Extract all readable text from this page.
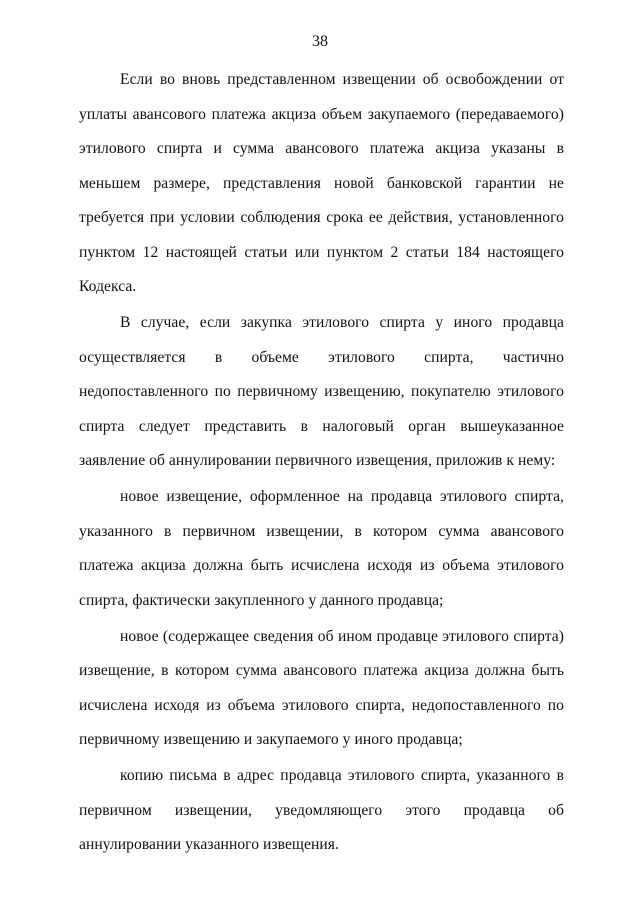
38

Если во вновь представленном извещении об освобождении от уплаты авансового платежа акциза объем закупаемого (передаваемого) этилового спирта и сумма авансового платежа акциза указаны в меньшем размере, представления новой банковской гарантии не требуется при условии соблюдения срока ее действия, установленного пунктом 12 настоящей статьи или пунктом 2 статьи 184 настоящего Кодекса.

В случае, если закупка этилового спирта у иного продавца осуществляется в объеме этилового спирта, частично недопоставленного по первичному извещению, покупателю этилового спирта следует представить в налоговый орган вышеуказанное заявление об аннулировании первичного извещения, приложив к нему:

новое извещение, оформленное на продавца этилового спирта, указанного в первичном извещении, в котором сумма авансового платежа акциза должна быть исчислена исходя из объема этилового спирта, фактически закупленного у данного продавца;

новое (содержащее сведения об ином продавце этилового спирта) извещение, в котором сумма авансового платежа акциза должна быть исчислена исходя из объема этилового спирта, недопоставленного по первичному извещению и закупаемого у иного продавца;

копию письма в адрес продавца этилового спирта, указанного в первичном извещении, уведомляющего этого продавца об аннулировании указанного извещения.
